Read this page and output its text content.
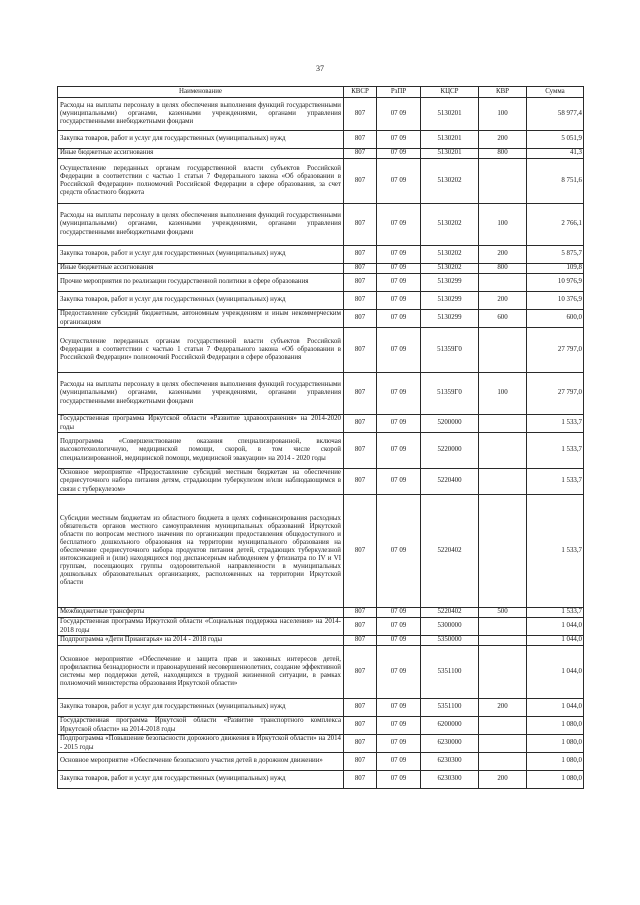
37
Наименование	КВСР	РзПР	КЦСР	КВР	Сумма
Расходы на выплаты персоналу в целях обеспечения выполнения функций государственными (муниципальными) органами, казенными учреждениями, органами управления государственными внебюджетными фондами	807	07 09	5130201	100	58 977,4
Закупка товаров, работ и услуг для государственных (муниципальных) нужд	807	07 09	5130201	200	5 051,9
Иные бюджетные ассигнования	807	07 09	5130201	800	41,3
Осуществление переданных органам государственной власти субъектов Российской Федерации в соответствии с частью 1 статьи 7 Федерального закона «Об образовании в Российской Федерации» полномочий Российской Федерации в сфере образования, за счет средств областного бюджета	807	07 09	5130202		8 751,6
Расходы на выплаты персоналу в целях обеспечения выполнения функций государственными (муниципальными) органами, казенными учреждениями, органами управления государственными внебюджетными фондами	807	07 09	5130202	100	2 766,1
Закупка товаров, работ и услуг для государственных (муниципальных) нужд	807	07 09	5130202	200	5 875,7
Иные бюджетные ассигнования	807	07 09	5130202	800	109,8
Прочие мероприятия по реализации государственной политики в сфере образования	807	07 09	5130299		10 976,9
Закупка товаров, работ и услуг для государственных (муниципальных) нужд	807	07 09	5130299	200	10 376,9
Предоставление субсидий бюджетным, автономным учреждениям и иным некоммерческим организациям	807	07 09	5130299	600	600,0
Осуществление переданных органам государственной власти субъектов Российской Федерации в соответствии с частью 1 статьи 7 Федерального закона «Об образовании в Российской Федерации» полномочий Российской Федерации в сфере образования	807	07 09	51359Г0		27 797,0
Расходы на выплаты персоналу в целях обеспечения выполнения функций государственными (муниципальными) органами, казенными учреждениями, органами управления государственными внебюджетными фондами	807	07 09	51359Г0	100	27 797,0
Государственная программа Иркутской области «Развитие здравоохранения» на 2014-2020 годы	807	07 09	5200000		1 533,7
Подпрограмма «Совершенствование оказания специализированной, включая высокотехнологичную, медицинской помощи, скорой, в том числе скорой специализированной, медицинской помощи, медицинской эвакуации» на 2014 - 2020 годы	807	07 09	5220000		1 533,7
Основное мероприятие «Предоставление субсидий местным бюджетам на обеспечение среднесуточного набора питания детям, страдающим туберкулезом и/или наблюдающимся в связи с туберкулезом»	807	07 09	5220400		1 533,7
Субсидии местным бюджетам из областного бюджета в целях софинансирования расходных обязательств органов местного самоуправления муниципальных образований Иркутской области по вопросам местного значения по организации предоставления общедоступного и бесплатного дошкольного образования на территории муниципального образования на обеспечение среднесуточного набора продуктов питания детей, страдающих туберкулезной интоксикацией и (или) находящихся под диспансерным наблюдением у фтизиатра по IV и VI группам, посещающих группы оздоровительной направленности в муниципальных дошкольных образовательных организациях, расположенных на территории Иркутской области	807	07 09	5220402		1 533,7
Межбюджетные трансферты	807	07 09	5220402	500	1 533,7
Государственная программа Иркутской области «Социальная поддержка населения» на 2014-2018 годы	807	07 09	5300000		1 044,0
Подпрограмма «Дети Приангарья» на 2014 - 2018 годы	807	07 09	5350000		1 044,0
Основное мероприятие «Обеспечение и защита прав и законных интересов детей, профилактика безнадзорности и правонарушений несовершеннолетних, создание эффективной системы мер поддержки детей, находящихся в трудной жизненной ситуации, в рамках полномочий министерства образования Иркутской области»	807	07 09	5351100		1 044,0
Закупка товаров, работ и услуг для государственных (муниципальных) нужд	807	07 09	5351100	200	1 044,0
Государственная программа Иркутской области «Развитие транспортного комплекса Иркутской области» на 2014-2018 годы	807	07 09	6200000		1 080,0
Подпрограмма «Повышение безопасности дорожного движения в Иркутской области» на 2014 - 2015 годы	807	07 09	6230000		1 080,0
Основное мероприятие «Обеспечение безопасного участия детей в дорожном движении»	807	07 09	6230300		1 080,0
Закупка товаров, работ и услуг для государственных (муниципальных) нужд	807	07 09	6230300	200	1 080,0
